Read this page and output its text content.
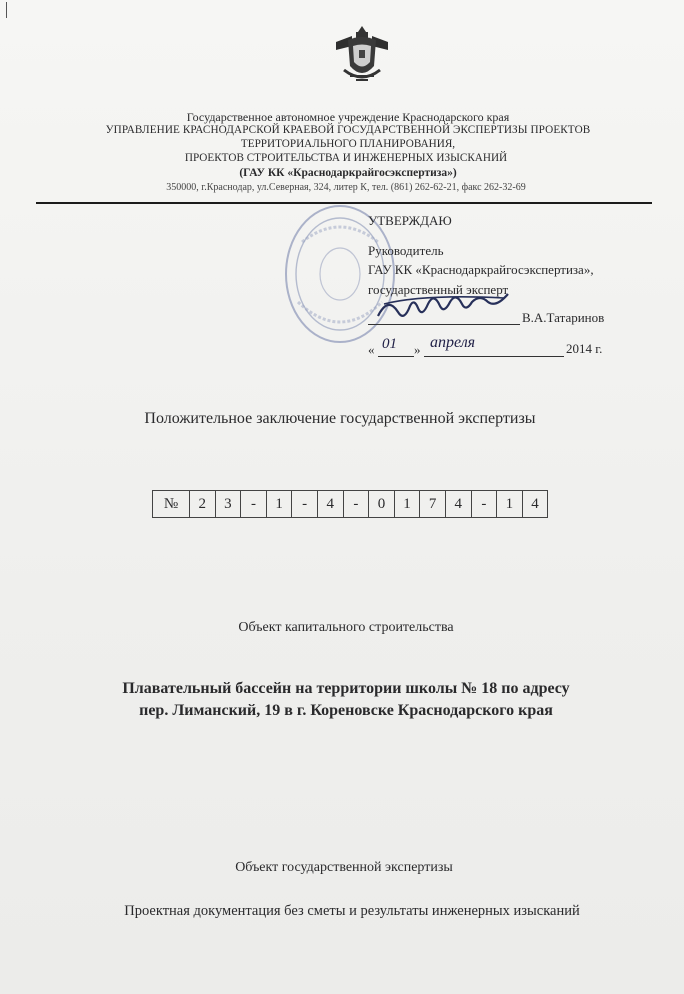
Государственное автономное учреждение Краснодарского края
УПРАВЛЕНИЕ КРАСНОДАРСКОЙ КРАЕВОЙ ГОСУДАРСТВЕННОЙ ЭКСПЕРТИЗЫ ПРОЕКТОВ
ТЕРРИТОРИАЛЬНОГО ПЛАНИРОВАНИЯ,
ПРОЕКТОВ СТРОИТЕЛЬСТВА И ИНЖЕНЕРНЫХ ИЗЫСКАНИЙ
(ГАУ КК «Краснодаркрайгосэкспертиза»)
350000, г.Краснодар, ул.Северная, 324, литер К, тел. (861) 262-62-21, факс 262-32-69
УТВЕРЖДАЮ
Руководитель
ГАУ КК «Краснодаркрайгосэкспертиза»,
государственный эксперт
В.А.Татаринов
« 01 » апреля	2014 г.
Положительное заключение государственной экспертизы
№	2	3	-	1	-	4	-	0	1	7	4	-	1	4
Объект капитального строительства
Плавательный бассейн на территории школы № 18 по адресу
пер. Лиманский, 19 в г. Кореновске Краснодарского края
Объект государственной экспертизы
Проектная документация без сметы и результаты инженерных изысканий
